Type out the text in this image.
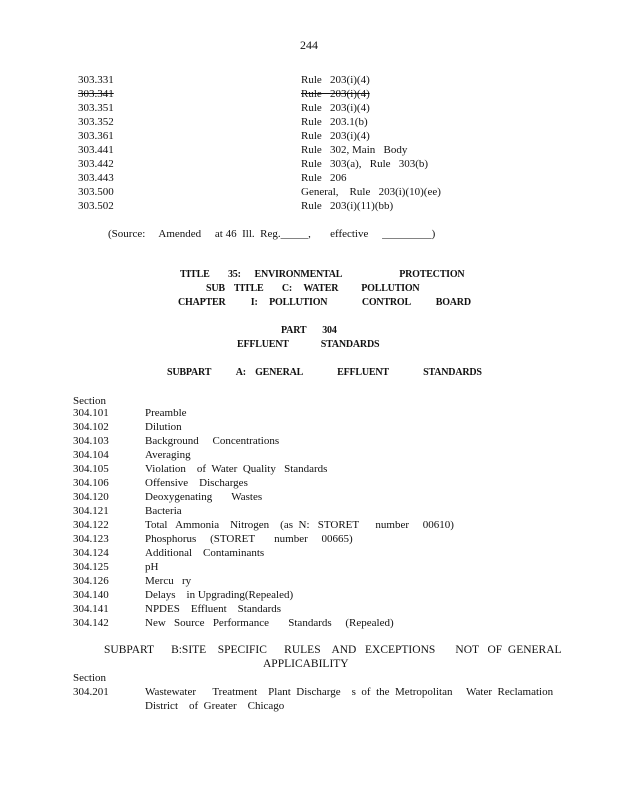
244
303.331	Rule   203(i)(4)
303.341	Rule   203(i)(4)
303.351	Rule   203(i)(4)
303.352	Rule   203.1(b)
303.361	Rule   203(i)(4)
303.441	Rule   302, Main   Body
303.442	Rule   303(a),   Rule   303(b)
303.443	Rule   206
303.500	General,    Rule   203(i)(10)(ee)
303.502	Rule   203(i)(11)(bb)
(Source:     Amended     at 46  Ill.  Reg._____,       effective     _________)
TITLE        35:      ENVIRONMENTAL                         PROTECTION
SUB    TITLE        C:     WATER          POLLUTION
CHAPTER           I:     POLLUTION               CONTROL           BOARD
PART       304
EFFLUENT              STANDARDS
SUBPART           A:    GENERAL               EFFLUENT               STANDARDS
Section
304.101	Preamble
304.102	Dilution
304.103	Background     Concentrations
304.104	Averaging
304.105	Violation    of  Water  Quality   Standards
304.106	Offensive    Discharges
304.120	Deoxygenating       Wastes
304.121	Bacteria
304.122	Total   Ammonia    Nitrogen    (as  N:   STORET      number     00610)
304.123	Phosphorus     (STORET       number     00665)
304.124	Additional    Contaminants
304.125	pH
304.126	Mercu   ry
304.140	Delays    in Upgrading(Repealed)
304.141	NPDES    Effluent    Standards
304.142	New   Source   Performance       Standards     (Repealed)
SUBPART      B:SITE    SPECIFIC      RULES    AND   EXCEPTIONS       NOT   OF  GENERAL
APPLICABILITY
Section
304.201	Wastewater      Treatment    Plant  Discharge    s  of  the  Metropolitan     Water  Reclamation
District    of  Greater    Chicago
